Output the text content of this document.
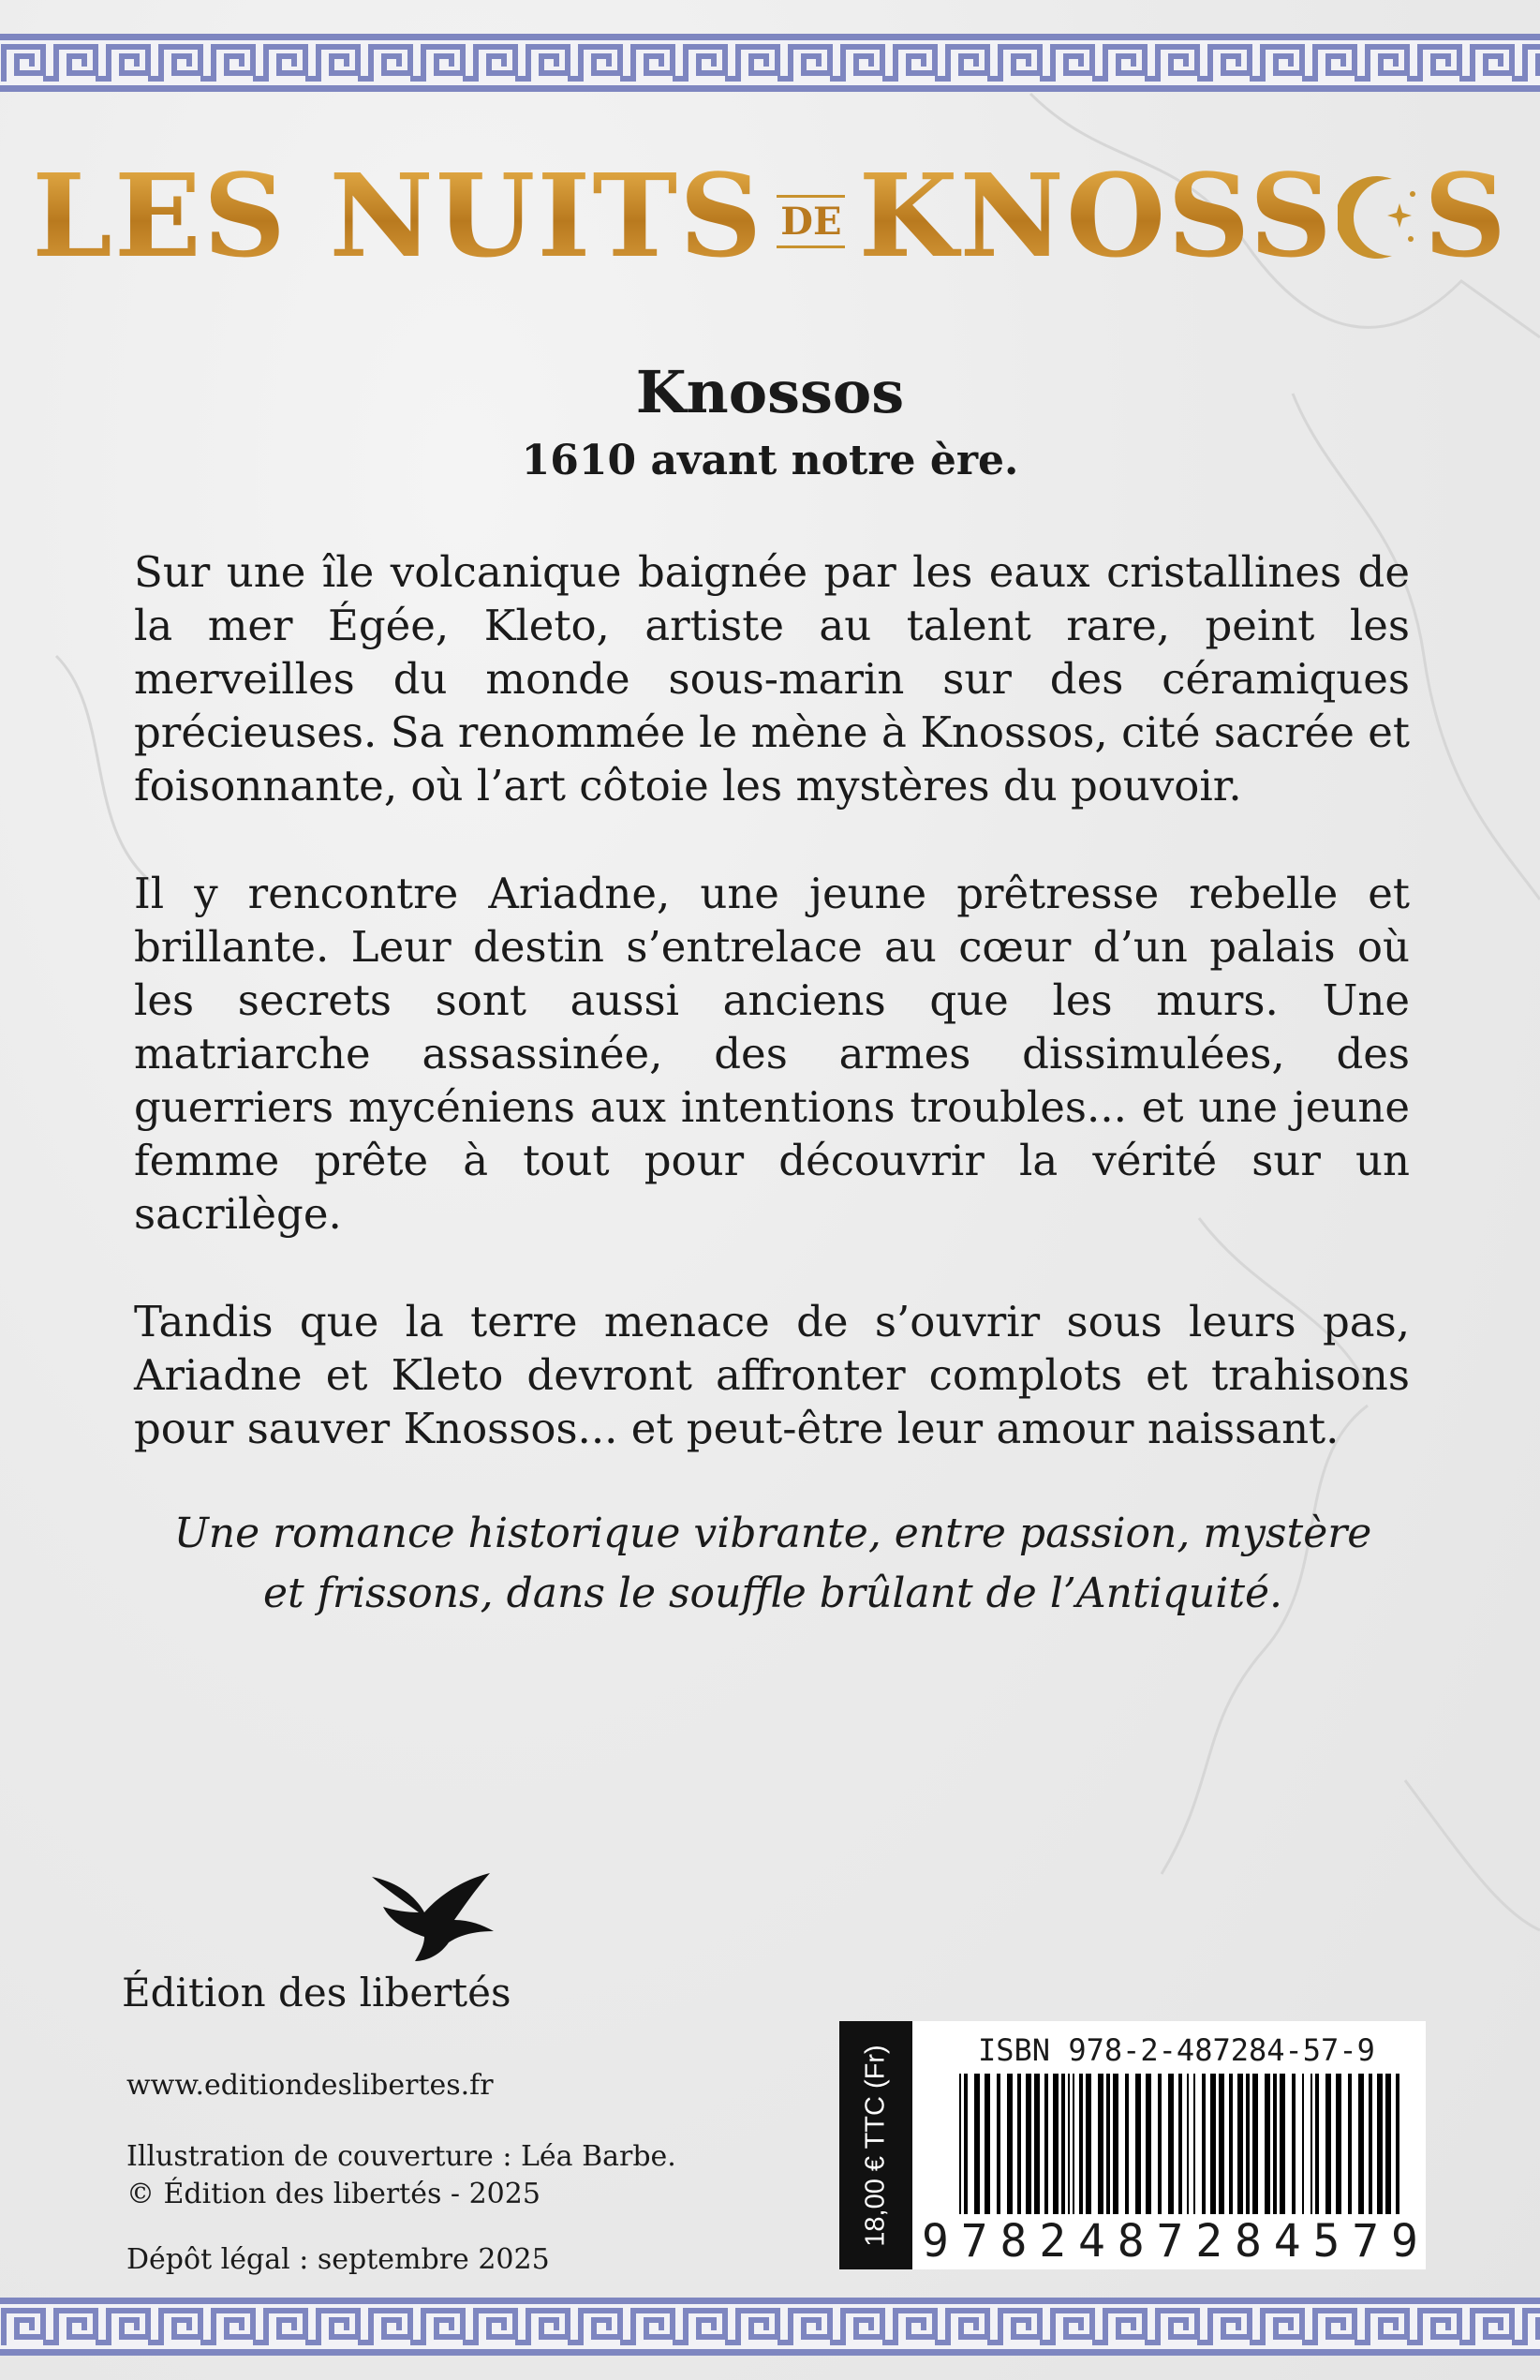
LES NUITS DE KNOSS S
Knossos
1610 avant notre ère.
Sur une île volcanique baignée par les eaux cristallines de la mer Égée, Kleto, artiste au talent rare, peint les merveilles du monde sous-marin sur des céramiques précieuses. Sa renommée le mène à Knossos, cité sacrée et foisonnante, où l’art côtoie les mystères du pouvoir.
Il y rencontre Ariadne, une jeune prêtresse rebelle et brillante. Leur destin s’entrelace au cœur d’un palais où les secrets sont aussi anciens que les murs. Une matriarche assassinée, des armes dissimulées, des guerriers mycéniens aux intentions troubles... et une jeune femme prête à tout pour découvrir la vérité sur un sacrilège.
Tandis que la terre menace de s’ouvrir sous leurs pas, Ariadne et Kleto devront affronter complots et trahisons pour sauver Knossos... et peut-être leur amour naissant.
Une romance historique vibrante, entre passion, mystère et frissons, dans le souffle brûlant de l’Antiquité.
Édition des libertés
www.editiondeslibertes.fr
Illustration de couverture : Léa Barbe.
© Édition des libertés - 2025
Dépôt légal : septembre 2025
18,00 € TTC (Fr)	ISBN 978-2-487284-57-9
9 7 8 2 4 8 7 2 8 4 5 7 9
